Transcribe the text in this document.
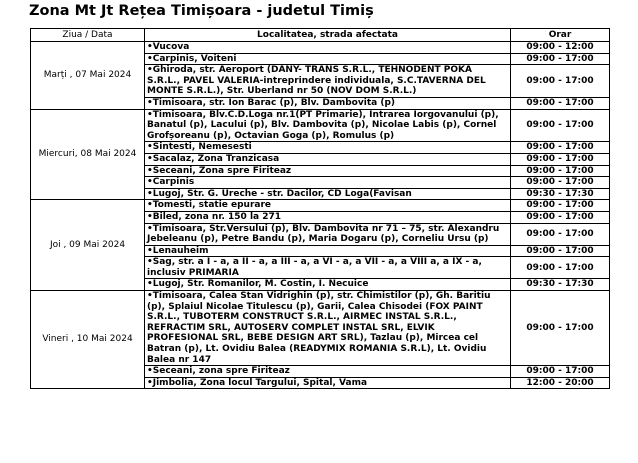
Zona Mt Jt Rețea Timișoara - judetul Timiș
Ziua / Data	Localitatea, strada afectata	Orar
Marți , 07 Mai 2024	•Vucova	09:00 - 12:00
	•Carpinis, Voiteni	09:00 - 17:00
	•Ghiroda, str. Aeroport (DANY- TRANS S.R.L., TEHNODENT POKA S.R.L., PAVEL VALERIA-intreprindere individuala, S.C.TAVERNA DEL MONTE S.R.L.), Str. Uberland nr 50 (NOV DOM S.R.L.)	09:00 - 17:00
	•Timisoara, str. Ion Barac (p), Blv. Dambovita (p)	09:00 - 17:00
Miercuri, 08 Mai 2024	•Timisoara, Blv.C.D.Loga nr.1(PT Primarie), Intrarea Iorgovanului (p), Banatul (p), Lacului (p), Blv. Dambovita (p), Nicolae Labis (p), Cornel Grofșoreanu (p), Octavian Goga (p), Romulus (p)	09:00 - 17:00
	•Sintesti, Nemesesti	09:00 - 17:00
	•Sacalaz, Zona Tranzicasa	09:00 - 17:00
	•Seceani, Zona spre Firiteaz	09:00 - 17:00
	•Carpinis	09:00 - 17:00
	•Lugoj, Str. G. Ureche - str. Dacilor, CD Loga(Favisan	09:30 - 17:30
Joi , 09 Mai 2024	•Tomesti, statie epurare	09:00 - 17:00
	•Biled, zona nr. 150 la 271	09:00 - 17:00
	•Timisoara, Str.Versului (p), Blv. Dambovita nr 71 – 75, str. Alexandru Jebeleanu (p), Petre Bandu (p), Maria Dogaru (p), Corneliu Ursu (p)	09:00 - 17:00
	•Lenauheim	09:00 - 17:00
	•Sag, str. a I - a, a II - a, a III - a, a VI - a, a VII - a, a VIII a, a IX - a, inclusiv PRIMARIA	09:00 - 17:00
	•Lugoj, Str. Romanilor, M. Costin, I. Necuice	09:30 - 17:30
Vineri , 10 Mai 2024	•Timisoara, Calea Stan Vidrighin (p), str. Chimistilor (p), Gh. Baritiu (p), Splaiul Nicolae Titulescu (p), Garii, Calea Chisodei (FOX PAINT S.R.L., TUBOTERM CONSTRUCT S.R.L., AIRMEC INSTAL S.R.L., REFRACTIM SRL, AUTOSERV COMPLET INSTAL SRL, ELVIK PROFESIONAL SRL, BEBE DESIGN ART SRL), Tazlau (p), Mircea cel Batran (p), Lt. Ovidiu Balea (READYMIX ROMANIA S.R.L), Lt. Ovidiu Balea nr 147	09:00 - 17:00
	•Seceani, zona spre Firiteaz	09:00 - 17:00
	•Jimbolia, Zona locul Targului, Spital, Vama	12:00 - 20:00
